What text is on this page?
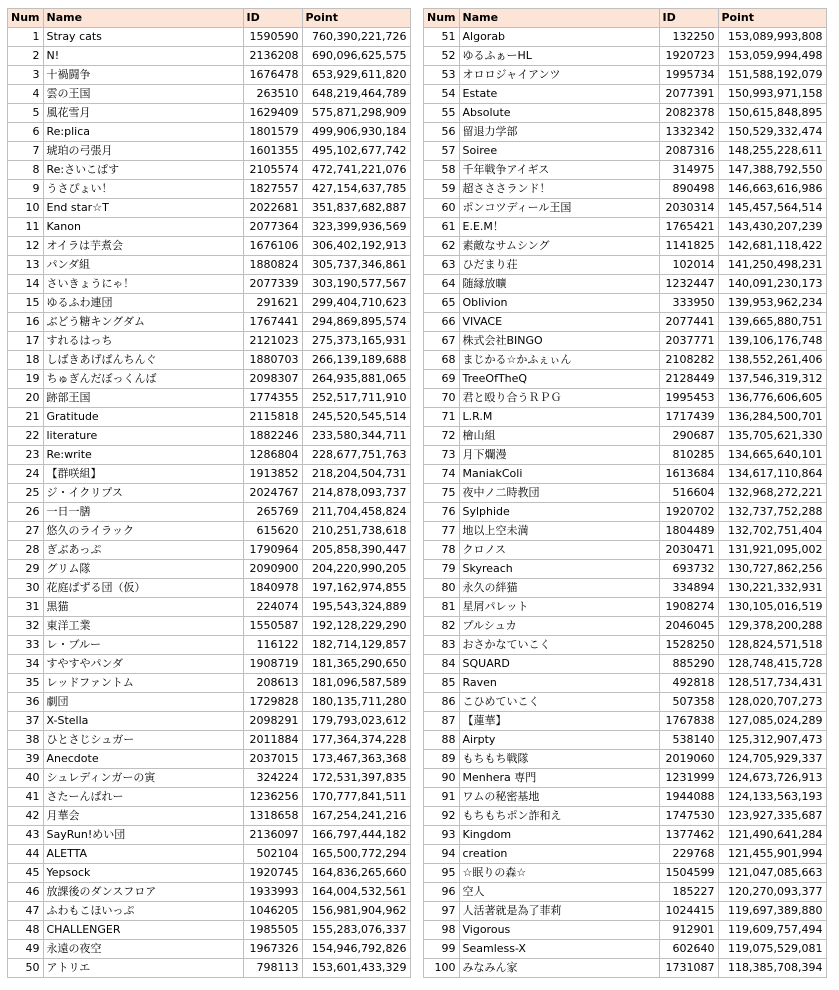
Num	Name	ID	Point
1	Stray cats	1590590	760,390,221,726
2	N!	2136208	690,096,625,575
3	十禍闘争	1676478	653,929,611,820
4	雲の王国	263510	648,219,464,789
5	風花雪月	1629409	575,871,298,909
6	Re:plica	1801579	499,906,930,184
7	琥珀の弓張月	1601355	495,102,677,742
8	Re:さいこぱす	2105574	472,741,221,076
9	うさぴょい！	1827557	427,154,637,785
10	End star☆T	2022681	351,837,682,887
11	Kanon	2077364	323,399,936,569
12	オイラは芋煮会	1676106	306,402,192,913
13	パンダ組	1880824	305,737,346,861
14	さいきょうにゃ！	2077339	303,190,577,567
15	ゆるふわ連団	291621	299,404,710,623
16	ぶどう糖キングダム	1767441	294,869,895,574
17	すれるはっち	2121023	275,373,165,931
18	しばきあげぱんちんぐ	1880703	266,139,189,688
19	ちゅぎんだぼっくんば	2098307	264,935,881,065
20	跡部王国	1774355	252,517,711,910
21	Gratitude	2115818	245,520,545,514
22	literature	1882246	233,580,344,711
23	Re:write	1286804	228,677,751,763
24	【群咲組】	1913852	218,204,504,731
25	ジ・イクリプス	2024767	214,878,093,737
26	一日一膳	265769	211,704,458,824
27	悠久のライラック	615620	210,251,738,618
28	ぎぶあっぷ	1790964	205,858,390,447
29	グリム隊	2090900	204,220,990,205
30	花庭ぱずる団（仮）	1840978	197,162,974,855
31	黒猫	224074	195,543,324,889
32	東洋工業	1550587	192,128,229,290
33	レ・ブルー	116122	182,714,129,857
34	すやすやパンダ	1908719	181,365,290,650
35	レッドファントム	208613	181,096,587,589
36	劇団	1729828	180,135,711,280
37	X-Stella	2098291	179,793,023,612
38	ひとさじシュガー	2011884	177,364,374,228
39	Anecdote	2037015	173,467,363,368
40	シュレディンガーの寅	324224	172,531,397,835
41	さたーんぱれー	1236256	170,777,841,511
42	月華会	1318658	167,254,241,216
43	SayRun!めい団	2136097	166,797,444,182
44	ALETTA	502104	165,500,772,294
45	Yepsock	1920745	164,836,265,660
46	放課後のダンスフロア	1933993	164,004,532,561
47	ふわもこほいっぷ	1046205	156,981,904,962
48	CHALLENGER	1985505	155,283,076,337
49	永遠の夜空	1967326	154,946,792,826
50	アトリエ	798113	153,601,433,329
Num	Name	ID	Point
51	Algorab	132250	153,089,993,808
52	ゆるふぁーHL	1920723	153,059,994,498
53	オロロジャイアンツ	1995734	151,588,192,079
54	Estate	2077391	150,993,971,158
55	Absolute	2082378	150,615,848,895
56	留退力学部	1332342	150,529,332,474
57	Soiree	2087316	148,255,228,611
58	千年戦争アイギス	314975	147,388,792,550
59	超さささランド！	890498	146,663,616,986
60	ポンコツディール王国	2030314	145,457,564,514
61	E.E.M！	1765421	143,430,207,239
62	素敵なサムシング	1141825	142,681,118,422
63	ひだまり荘	102014	141,250,498,231
64	随縁放曠	1232447	140,091,230,173
65	Oblivion	333950	139,953,962,234
66	VIVACE	2077441	139,665,880,751
67	株式会社BINGO	2037771	139,106,176,748
68	まじかる☆かふぇぃん	2108282	138,552,261,406
69	TreeOfTheQ	2128449	137,546,319,312
70	君と殴り合うＲＰＧ	1995453	136,776,606,605
71	L.R.M	1717439	136,284,500,701
72	檜山組	290687	135,705,621,330
73	月下爛漫	810285	134,665,640,101
74	ManiakColi	1613684	134,617,110,864
75	夜中ノ二時教団	516604	132,968,272,221
76	Sylphide	1920702	132,737,752,288
77	地以上空未満	1804489	132,702,751,404
78	クロノス	2030471	131,921,095,002
79	Skyreach	693732	130,727,862,256
80	永久の絆猫	334894	130,221,332,931
81	星屑パレット	1908274	130,105,016,519
82	プルシュカ	2046045	129,378,200,288
83	おさかなていこく	1528250	128,824,571,518
84	SQUARD	885290	128,748,415,728
85	Raven	492818	128,517,734,431
86	こひめていこく	507358	128,020,707,273
87	【蓮華】	1767838	127,085,024,289
88	Airpty	538140	125,312,907,473
89	もちもち戦隊	2019060	124,705,929,337
90	Menhera 専門	1231999	124,673,726,913
91	ワムの秘密基地	1944088	124,133,563,193
92	もちもちポン詐和え	1747530	123,927,335,687
93	Kingdom	1377462	121,490,641,284
94	creation	229768	121,455,901,994
95	☆眠りの森☆	1504599	121,047,085,663
96	空人	185227	120,270,093,377
97	人活著就是為了菲莉	1024415	119,697,389,880
98	Vigorous	912901	119,609,757,494
99	Seamless-X	602640	119,075,529,081
100	みなみん家	1731087	118,385,708,394
